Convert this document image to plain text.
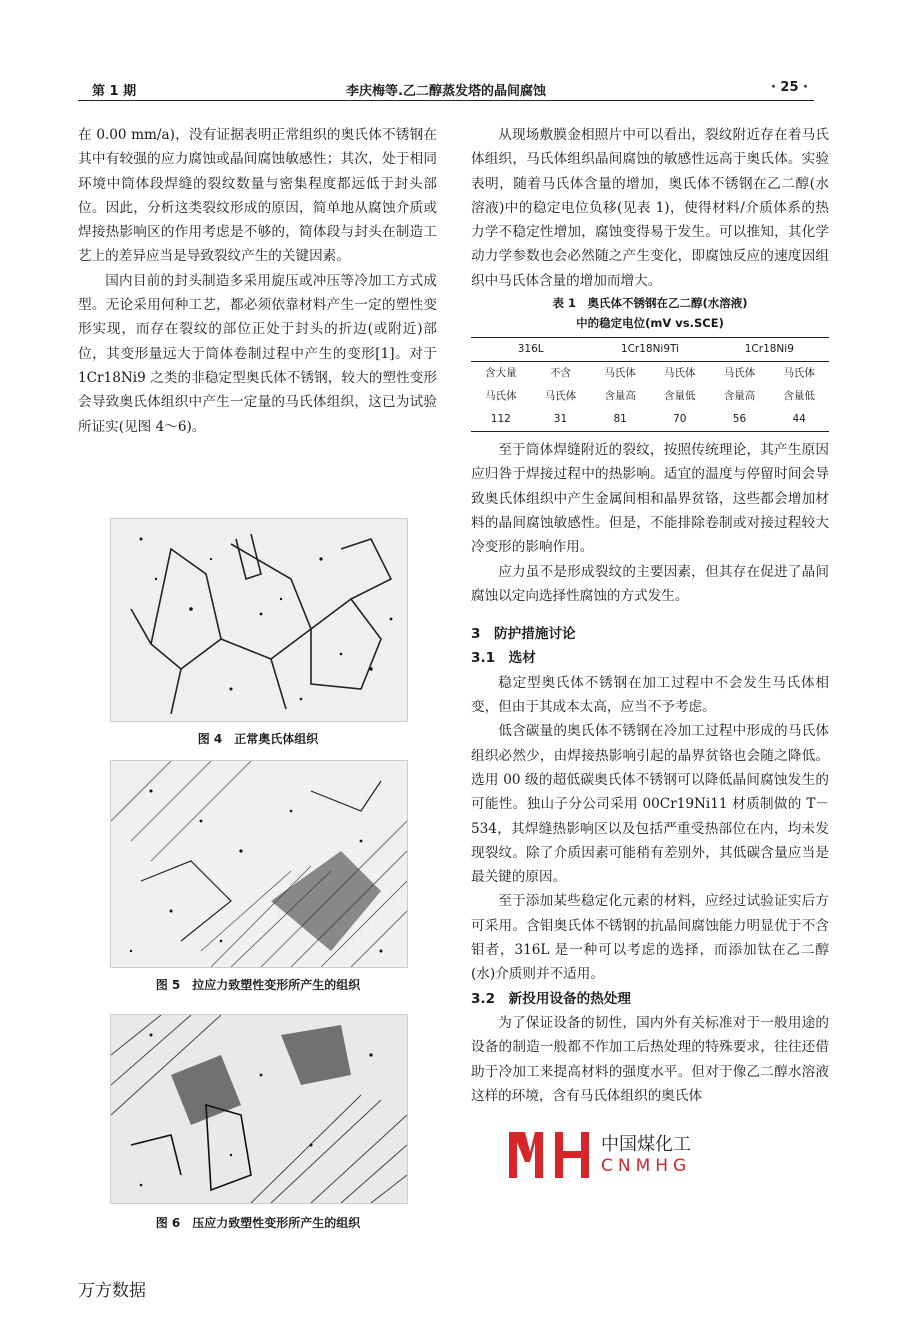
第 1 期	李庆梅等.乙二醇蒸发塔的晶间腐蚀	· 25 ·

在 0.00 mm/a)，没有证据表明正常组织的奥氏体不锈钢在其中有较强的应力腐蚀或晶间腐蚀敏感性；其次，处于相同环境中筒体段焊缝的裂纹数量与密集程度都远低于封头部位。因此，分析这类裂纹形成的原因，简单地从腐蚀介质或焊接热影响区的作用考虑是不够的，简体段与封头在制造工艺上的差异应当是导致裂纹产生的关键因素。

国内目前的封头制造多采用旋压或冲压等冷加工方式成型。无论采用何种工艺，都必须依靠材料产生一定的塑性变形实现，而存在裂纹的部位正处于封头的折边(或附近)部位，其变形量远大于筒体卷制过程中产生的变形[1]。对于 1Cr18Ni9 之类的非稳定型奥氏体不锈钢，较大的塑性变形会导致奥氏体组织中产生一定量的马氏体组织，这已为试验所证实(见图 4～6)。

图 4　正常奥氏体组织
图 5　拉应力致塑性变形所产生的组织
图 6　压应力致塑性变形所产生的组织

从现场敷膜金相照片中可以看出，裂纹附近存在着马氏体组织，马氏体组织晶间腐蚀的敏感性远高于奥氏体。实验表明，随着马氏体含量的增加，奥氏体不锈钢在乙二醇(水溶液)中的稳定电位负移(见表 1)，使得材料/介质体系的热力学不稳定性增加，腐蚀变得易于发生。可以推知，其化学动力学参数也会必然随之产生变化，即腐蚀反应的速度因组织中马氏体含量的增加而增大。

表 1　奥氏体不锈钢在乙二醇(水溶液)
中的稳定电位(mV vs.SCE)
316L		1Cr18Ni9Ti		1Cr18Ni9	
含大量	不含	马氏体	马氏体	马氏体	马氏体
马氏体	马氏体	含量高	含量低	含量高	含量低
112	31	81	70	56	44

至于筒体焊缝附近的裂纹，按照传统理论，其产生原因应归咎于焊接过程中的热影响。适宜的温度与停留时间会导致奥氏体组织中产生金属间相和晶界贫铬，这些都会增加材料的晶间腐蚀敏感性。但是，不能排除卷制或对接过程较大冷变形的影响作用。

应力虽不是形成裂纹的主要因素，但其存在促进了晶间腐蚀以定向选择性腐蚀的方式发生。

3　防护措施讨论
3.1　选材

稳定型奥氏体不锈钢在加工过程中不会发生马氏体相变，但由于其成本太高，应当不予考虑。

低含碳量的奥氏体不锈钢在冷加工过程中形成的马氏体组织必然少，由焊接热影响引起的晶界贫铬也会随之降低。选用 00 级的超低碳奥氏体不锈钢可以降低晶间腐蚀发生的可能性。独山子分公司采用 00Cr19Ni11 材质制做的 T－534，其焊缝热影响区以及包括严重受热部位在内，均未发现裂纹。除了介质因素可能稍有差别外，其低碳含量应当是最关键的原因。

至于添加某些稳定化元素的材料，应经过试验证实后方可采用。含钼奥氏体不锈钢的抗晶间腐蚀能力明显优于不含钼者，316L 是一种可以考虑的选择，而添加钛在乙二醇(水)介质则并不适用。

3.2　新投用设备的热处理

为了保证设备的韧性，国内外有关标准对于一般用途的设备的制造一般都不作加工后热处理的特殊要求，往往还借助于冷加工来提高材料的强度水平。但对于像乙二醇水溶液这样的环境，含有马氏体组织的奥氏体

中国煤化工
CNMHG
万方数据
